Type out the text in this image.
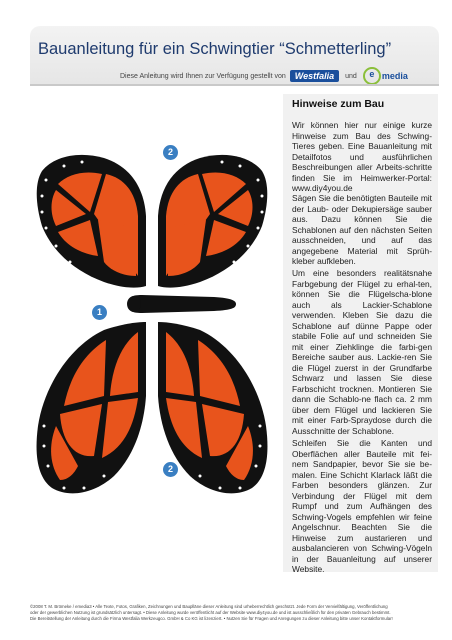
Bauanleitung für ein Schwingtier “Schmetterling”
Diese Anleitung wird Ihnen zur Verfügung gestellt von	Westfalia	und	e media
1
2
2
Hinweise zum Bau

Wir können hier nur einige kurze Hinweise zum Bau des Schwing-Tieres geben. Eine Bauanleitung mit Detailfotos und ausführlichen Beschreibungen aller Arbeits-schritte finden Sie im Heimwerker-Portal: www.diy4you.de

Sägen Sie die benötigten Bauteile mit der Laub- oder Dekupiersäge sauber aus. Dazu können Sie die Schablonen auf den nächsten Seiten ausschneiden, und auf das angegebene Material mit Sprüh-kleber aufkleben.

Um eine besonders realitätsnahe Farbgebung der Flügel zu erhal-ten, können Sie die Flügelscha-blone auch als Lackier-Schablone verwenden. Kleben Sie dazu die Schablone auf dünne Pappe oder stabile Folie auf und schneiden Sie mit einer Ziehklinge die farbi-gen Bereiche sauber aus. Lackie-ren Sie die Flügel zuerst in der Grundfarbe Schwarz und lassen Sie diese Farbschicht trocknen. Montieren Sie dann die Schablo-ne flach ca. 2 mm über dem Flügel und lackieren Sie mit einer Farb-Spraydose durch die Ausschnitte der Schablone.

Schleifen Sie die Kanten und Oberflächen aller Bauteile mit fei-nem Sandpapier, bevor Sie sie be-malen. Eine Schicht Klarlack läßt die Farben besonders glänzen. Zur Verbindung der Flügel mit dem Rumpf und zum Aufhängen des Schwing-Vogels empfehlen wir feine Angelschnur. Beachten Sie die Hinweise zum austarieren und ausbalancieren von Schwing-Vögeln in der Bauanleitung auf unserer Website.

©2008 T. M. Brömeke / emedia3 • Alle Texte, Fotos, Grafiken, Zeichnungen und Bauplläne dieser Anleitung sind urheberrechtlich geschützt. Jede Form der Vervielfältigung, Veröffentlichung
oder der gewerblichen Nutzung ist grundsätzlich untersagt. • Diese Anleitung wurde veröffentlicht auf der Website www.diy4you.de und ist ausschließlich für den privaten Gebrauch bestimmt.
Die Bereitstellung der Anleitung durch die Firma Westfalia Werkzeugco. GmbH & Co KG ist lizenziert. • Nutzen Sie für Fragen und Anregungen zu dieser Anleitung bitte unser Kontaktformular!
